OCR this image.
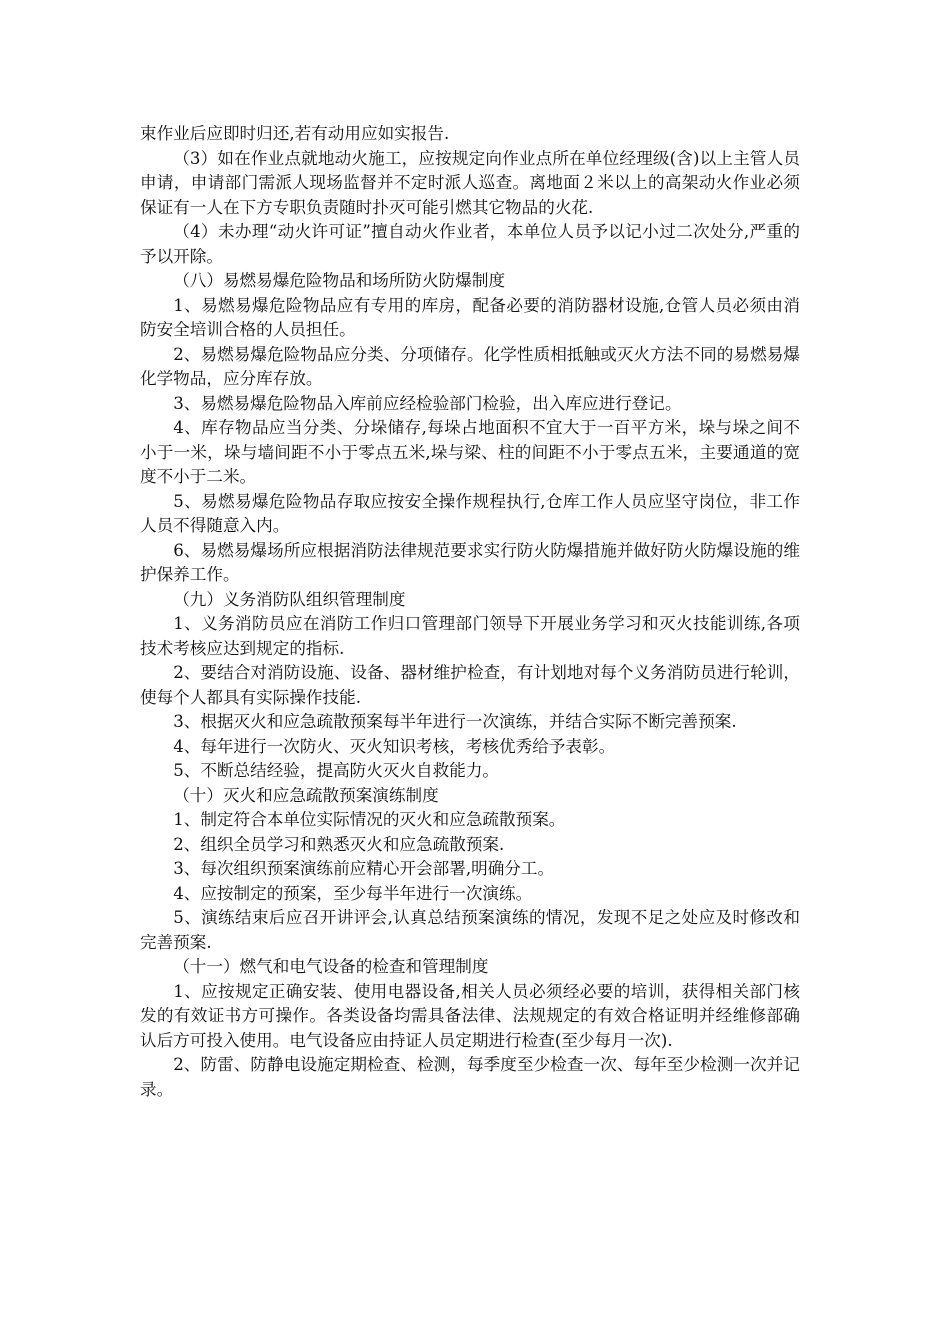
束作业后应即时归还,若有动用应如实报告.

（3）如在作业点就地动火施工，应按规定向作业点所在单位经理级(含)以上主管人员申请，申请部门需派人现场监督并不定时派人巡查。离地面２米以上的高架动火作业必须保证有一人在下方专职负责随时扑灭可能引燃其它物品的火花.

（4）未办理“动火许可证”擅自动火作业者，本单位人员予以记小过二次处分,严重的予以开除。

（八）易燃易爆危险物品和场所防火防爆制度

1、易燃易爆危险物品应有专用的库房，配备必要的消防器材设施,仓管人员必须由消防安全培训合格的人员担任。

2、易燃易爆危险物品应分类、分项储存。化学性质相抵触或灭火方法不同的易燃易爆化学物品，应分库存放。

3、易燃易爆危险物品入库前应经检验部门检验，出入库应进行登记。

4、库存物品应当分类、分垛储存,每垛占地面积不宜大于一百平方米，垛与垛之间不小于一米，垛与墙间距不小于零点五米,垛与梁、柱的间距不小于零点五米，主要通道的宽度不小于二米。

5、易燃易爆危险物品存取应按安全操作规程执行,仓库工作人员应坚守岗位，非工作人员不得随意入内。

6、易燃易爆场所应根据消防法律规范要求实行防火防爆措施并做好防火防爆设施的维护保养工作。

（九）义务消防队组织管理制度

1、义务消防员应在消防工作归口管理部门领导下开展业务学习和灭火技能训练,各项技术考核应达到规定的指标.

2、要结合对消防设施、设备、器材维护检查，有计划地对每个义务消防员进行轮训，使每个人都具有实际操作技能.

3、根据灭火和应急疏散预案每半年进行一次演练，并结合实际不断完善预案.

4、每年进行一次防火、灭火知识考核，考核优秀给予表彰。

5、不断总结经验，提高防火灭火自救能力。

（十）灭火和应急疏散预案演练制度

1、制定符合本单位实际情况的灭火和应急疏散预案。

2、组织全员学习和熟悉灭火和应急疏散预案.

3、每次组织预案演练前应精心开会部署,明确分工。

4、应按制定的预案，至少每半年进行一次演练。

5、演练结束后应召开讲评会,认真总结预案演练的情况，发现不足之处应及时修改和完善预案.

（十一）燃气和电气设备的检查和管理制度

1、应按规定正确安装、使用电器设备,相关人员必须经必要的培训，获得相关部门核发的有效证书方可操作。各类设备均需具备法律、法规规定的有效合格证明并经维修部确认后方可投入使用。电气设备应由持证人员定期进行检查(至少每月一次).

2、防雷、防静电设施定期检查、检测，每季度至少检查一次、每年至少检测一次并记录。
